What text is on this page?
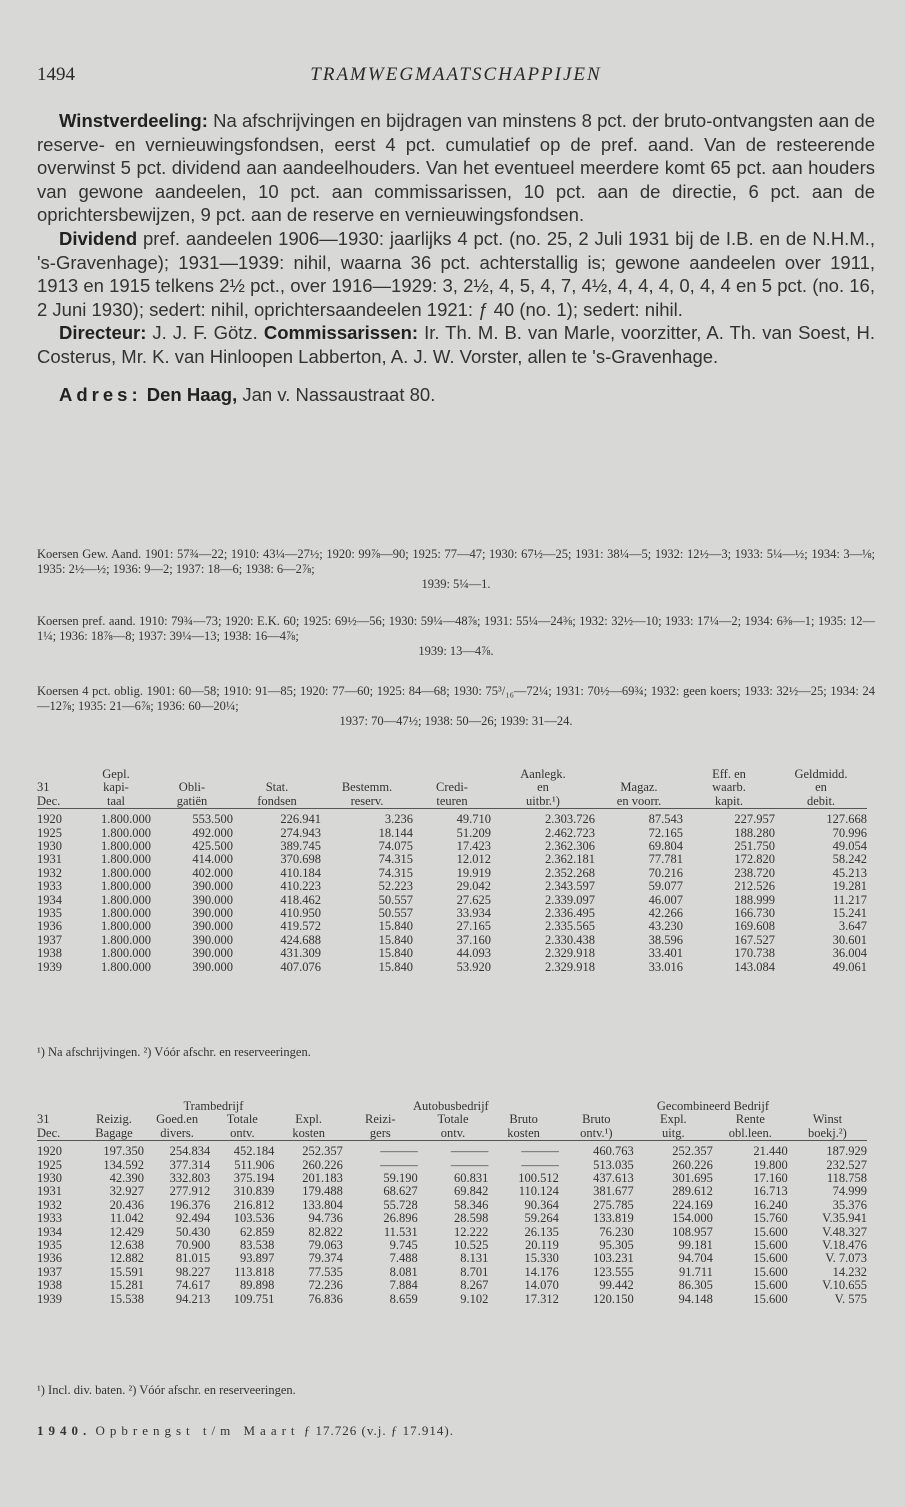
1494	TRAMWEGMAATSCHAPPIJEN

Winstverdeeling: Na afschrijvingen en bijdragen van minstens 8 pct. der bruto-ontvangsten aan de reserve- en vernieuwingsfondsen, eerst 4 pct. cumulatief op de pref. aand. Van de resteerende overwinst 5 pct. dividend aan aandeelhouders. Van het eventueel meerdere komt 65 pct. aan houders van gewone aandeelen, 10 pct. aan commissarissen, 10 pct. aan de directie, 6 pct. aan de oprichtersbewijzen, 9 pct. aan de reserve en vernieuwingsfondsen.

Dividend pref. aandeelen 1906—1930: jaarlijks 4 pct. (no. 25, 2 Juli 1931 bij de I.B. en de N.H.M., 's-Gravenhage); 1931—1939: nihil, waarna 36 pct. achterstallig is; gewone aandeelen over 1911, 1913 en 1915 telkens 2½ pct., over 1916—1929: 3, 2½, 4, 5, 4, 7, 4½, 4, 4, 4, 0, 4, 4 en 5 pct. (no. 16, 2 Juni 1930); sedert: nihil, oprichtersaandeelen 1921: ƒ 40 (no. 1); sedert: nihil.

Directeur: J. J. F. Götz. Commissarissen: Ir. Th. M. B. van Marle, voorzitter, A. Th. van Soest, H. Costerus, Mr. K. van Hinloopen Labberton, A. J. W. Vorster, allen te 's-Gravenhage.

Adres: Den Haag, Jan v. Nassaustraat 80.

Koersen Gew. Aand. 1901: 57¾—22; 1910: 43¼—27½; 1920: 99⅞—90; 1925: 77—47; 1930: 67½—25; 1931: 38¼—5; 1932: 12½—3; 1933: 5¼—½; 1934: 3—⅛; 1935: 2½—½; 1936: 9—2; 1937: 18—6; 1938: 6—2⅞;
1939: 5¼—1.
Koersen pref. aand. 1910: 79¾—73; 1920: E.K. 60; 1925: 69½—56; 1930: 59¼—48⅞; 1931: 55¼—24⅜; 1932: 32½—10; 1933: 17¼—2; 1934: 6⅜—1; 1935: 12—1¼; 1936: 18⅞—8; 1937: 39¼—13; 1938: 16—4⅞;
1939: 13—4⅞.
Koersen 4 pct. oblig. 1901: 60—58; 1910: 91—85; 1920: 77—60; 1925: 84—68; 1930: 75³/₁₆—72¼; 1931: 70½—69¾; 1932: geen koers; 1933: 32½—25; 1934: 24—12⅞; 1935: 21—6⅞; 1936: 60—20¼;
1937: 70—47½; 1938: 50—26; 1939: 31—24.
	Gepl.					Aanlegk.		Eff. en	Geldmidd.
31	kapi-	Obli-	Stat.	Bestemm.	Credi-	en	Magaz.	waarb.	en
Dec.	taal	gatiën	fondsen	reserv.	teuren	uitbr.¹)	en voorr.	kapit.	debit.

1920	1.800.000	553.500	226.941	3.236	49.710	2.303.726	87.543	227.957	127.668
1925	1.800.000	492.000	274.943	18.144	51.209	2.462.723	72.165	188.280	70.996
1930	1.800.000	425.500	389.745	74.075	17.423	2.362.306	69.804	251.750	49.054
1931	1.800.000	414.000	370.698	74.315	12.012	2.362.181	77.781	172.820	58.242
1932	1.800.000	402.000	410.184	74.315	19.919	2.352.268	70.216	238.720	45.213
1933	1.800.000	390.000	410.223	52.223	29.042	2.343.597	59.077	212.526	19.281
1934	1.800.000	390.000	418.462	50.557	27.625	2.339.097	46.007	188.999	11.217
1935	1.800.000	390.000	410.950	50.557	33.934	2.336.495	42.266	166.730	15.241
1936	1.800.000	390.000	419.572	15.840	27.165	2.335.565	43.230	169.608	3.647
1937	1.800.000	390.000	424.688	15.840	37.160	2.330.438	38.596	167.527	30.601
1938	1.800.000	390.000	431.309	15.840	44.093	2.329.918	33.401	170.738	36.004
1939	1.800.000	390.000	407.076	15.840	53.920	2.329.918	33.016	143.084	49.061
¹) Na afschrijvingen. ²) Vóór afschr. en reserveeringen.
	Trambedrijf				Autobusbedrijf			Gecombineerd Bedrijf			
31	Reizig.	Goed.en	Totale	Expl.	Reizi-	Totale	Bruto	Bruto	Expl.	Rente	Winst
Dec.	Bagage	divers.	ontv.	kosten	gers	ontv.	kosten	ontv.¹)	uitg.	obl.leen.	boekj.²)

1920	197.350	254.834	452.184	252.357	———	———	———	460.763	252.357	21.440	187.929
1925	134.592	377.314	511.906	260.226	———	———	———	513.035	260.226	19.800	232.527
1930	42.390	332.803	375.194	201.183	59.190	60.831	100.512	437.613	301.695	17.160	118.758
1931	32.927	277.912	310.839	179.488	68.627	69.842	110.124	381.677	289.612	16.713	74.999
1932	20.436	196.376	216.812	133.804	55.728	58.346	90.364	275.785	224.169	16.240	35.376
1933	11.042	92.494	103.536	94.736	26.896	28.598	59.264	133.819	154.000	15.760	V.35.941
1934	12.429	50.430	62.859	82.822	11.531	12.222	26.135	76.230	108.957	15.600	V.48.327
1935	12.638	70.900	83.538	79.063	9.745	10.525	20.119	95.305	99.181	15.600	V.18.476
1936	12.882	81.015	93.897	79.374	7.488	8.131	15.330	103.231	94.704	15.600	V. 7.073
1937	15.591	98.227	113.818	77.535	8.081	8.701	14.176	123.555	91.711	15.600	14.232
1938	15.281	74.617	89.898	72.236	7.884	8.267	14.070	99.442	86.305	15.600	V.10.655
1939	15.538	94.213	109.751	76.836	8.659	9.102	17.312	120.150	94.148	15.600	V. 575
¹) Incl. div. baten. ²) Vóór afschr. en reserveeringen.
1940. Opbrengst t/m Maart ƒ 17.726 (v.j. ƒ 17.914).
